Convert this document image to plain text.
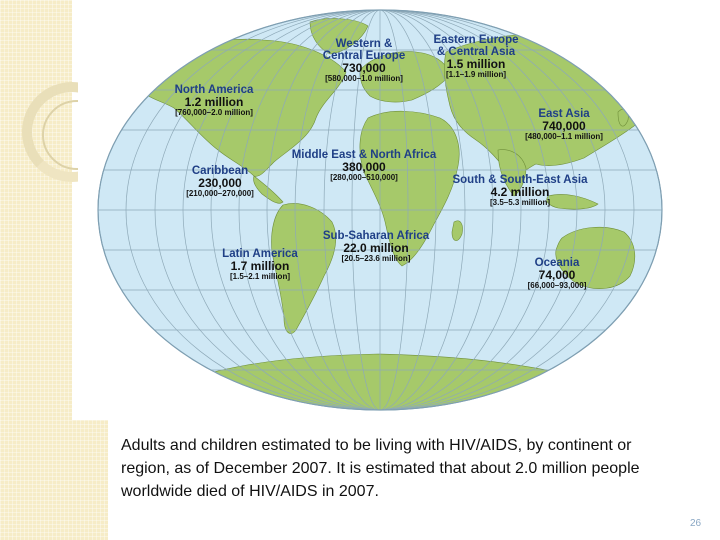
Western &
Central Europe
730,000
[580,000–1.0 million]
Eastern Europe
& Central Asia
1.5 million
[1.1–1.9 million]
North America
1.2 million
[760,000–2.0 million]	East Asia
740,000
[480,000–1.1 million]
Middle East & North Africa
380,000
[280,000–510,000]
Caribbean
230,000
[210,000–270,000]
South & South-East Asia
4.2 million
[3.5–5.3 million]
Sub-Saharan Africa
22.0 million
[20.5–23.6 million]
Latin America
1.7 million
[1.5–2.1 million]
Oceania
74,000
[66,000–93,000]
Adults and children estimated to be living with HIV/AIDS, by continent or region, as of December 2007. It is estimated that about 2.0 million people worldwide died of HIV/AIDS in 2007.
26
